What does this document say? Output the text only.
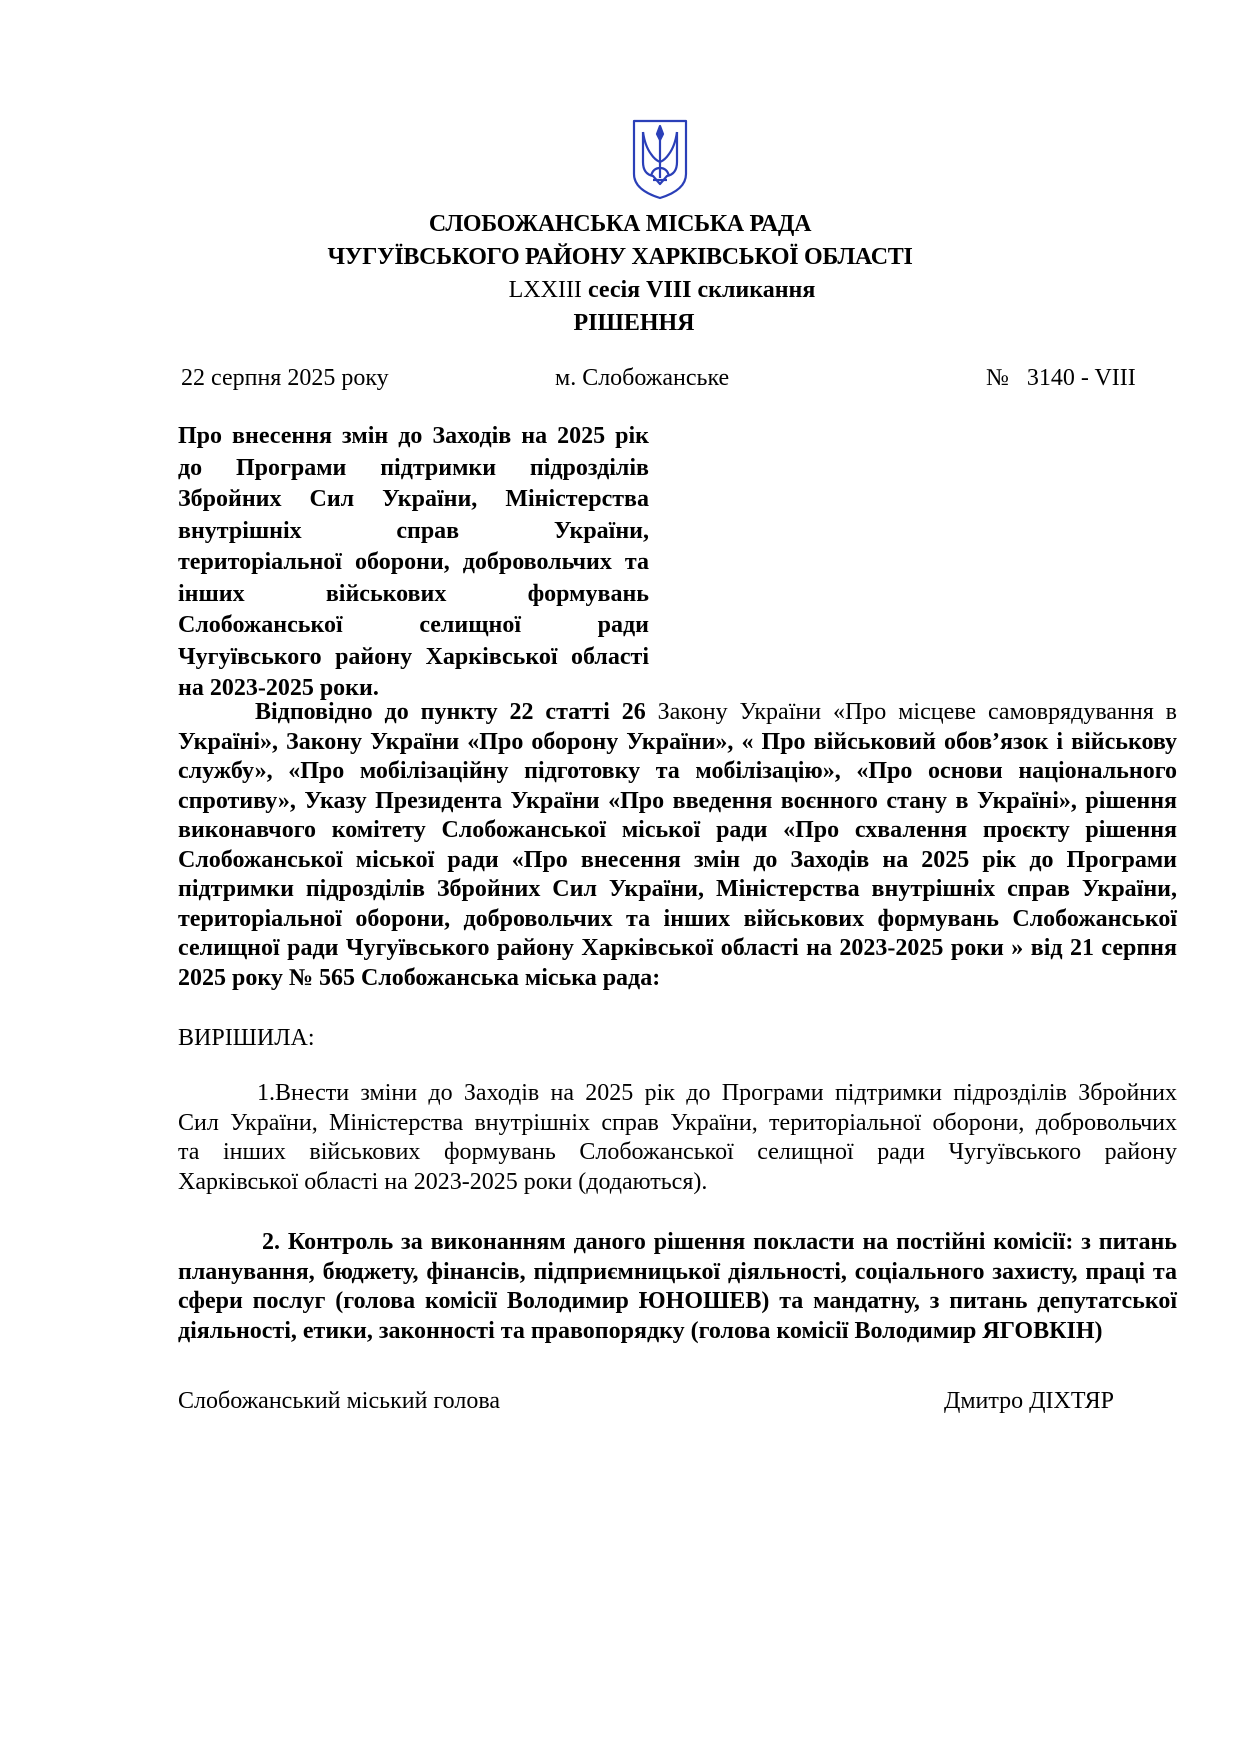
СЛОБОЖАНСЬКА МІСЬКА РАДА
ЧУГУЇВСЬКОГО РАЙОНУ ХАРКІВСЬКОЇ ОБЛАСТІ
LXXIII сесія VIII скликання
РІШЕННЯ
22 серпня 2025 року	м. Слобожанське	№   3140 - VIII
Про внесення змін до Заходів на 2025 рік
до Програми підтримки підрозділів
Збройних Сил України, Міністерства
внутрішніх справ України,
територіальної оборони, добровольчих та
інших військових формувань
Слобожанської селищної ради
Чугуївського району Харківської області
на 2023-2025 роки.
Відповідно до пункту 22 статті 26 Закону України «Про місцеве самоврядування в
Україні», Закону України «Про оборону України», « Про військовий обов’язок і військову
службу», «Про мобілізаційну підготовку та мобілізацію», «Про основи національного
спротиву», Указу Президента України «Про введення воєнного стану в Україні», рішення
виконавчого комітету Слобожанської міської ради «Про схвалення проєкту рішення
Слобожанської міської ради «Про внесення змін до Заходів на 2025 рік до Програми
підтримки підрозділів Збройних Сил України, Міністерства внутрішніх справ України,
територіальної оборони, добровольчих та інших військових формувань Слобожанської
селищної ради Чугуївського району Харківської області на 2023-2025 роки » від 21 серпня
2025 року № 565 Слобожанська міська рада:
ВИРІШИЛА:
1.Внести зміни до Заходів на 2025 рік до Програми підтримки підрозділів Збройних
Сил України, Міністерства внутрішніх справ України, територіальної оборони, добровольчих
та інших військових формувань Слобожанської селищної ради Чугуївського району
Харківської області на 2023-2025 роки (додаються).
2. Контроль за виконанням даного рішення покласти на постійні комісії: з питань
планування, бюджету, фінансів, підприємницької діяльності, соціального захисту, праці та
сфери послуг (голова комісії Володимир ЮНОШЕВ) та мандатну, з питань депутатської
діяльності, етики, законності та правопорядку (голова комісії Володимир ЯГОВКІН)
Слобожанський міський голова	Дмитро ДІХТЯР
